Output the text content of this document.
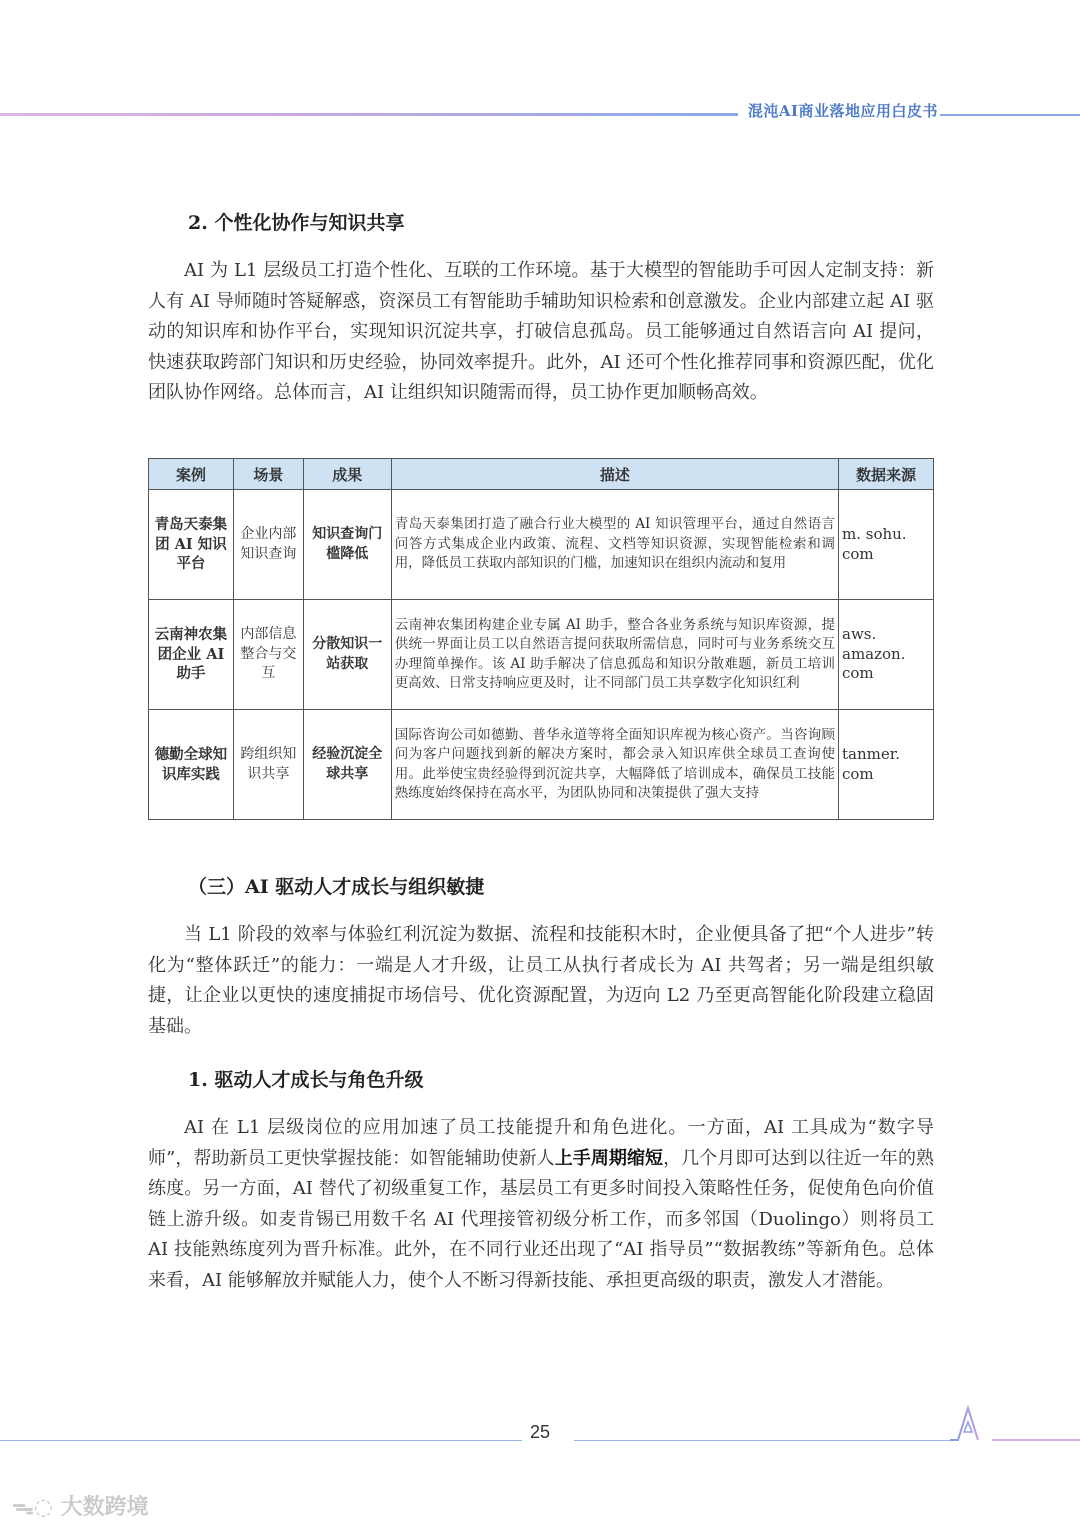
混沌AI商业落地应用白皮书
2. 个性化协作与知识共享

AI 为 L1 层级员工打造个性化、互联的工作环境。基于大模型的智能助手可因人定制支持：新人有 AI 导师随时答疑解惑，资深员工有智能助手辅助知识检索和创意激发。企业内部建立起 AI 驱动的知识库和协作平台，实现知识沉淀共享，打破信息孤岛。员工能够通过自然语言向 AI 提问，快速获取跨部门知识和历史经验，协同效率提升。此外，AI 还可个性化推荐同事和资源匹配，优化团队协作网络。总体而言，AI 让组织知识随需而得，员工协作更加顺畅高效。

案例	场景	成果	描述	数据来源
青岛天泰集团 AI 知识平台	企业内部知识查询	知识查询门槛降低	青岛天泰集团打造了融合行业大模型的 AI 知识管理平台，通过自然语言问答方式集成企业内政策、流程、文档等知识资源，实现智能检索和调用，降低员工获取内部知识的门槛，加速知识在组织内流动和复用	m. sohu. com
云南神农集团企业 AI 助手	内部信息整合与交互	分散知识一站获取	云南神农集团构建企业专属 AI 助手，整合各业务系统与知识库资源，提供统一界面让员工以自然语言提问获取所需信息，同时可与业务系统交互办理简单操作。该 AI 助手解决了信息孤岛和知识分散难题，新员工培训更高效、日常支持响应更及时，让不同部门员工共享数字化知识红利	aws. amazon. com
德勤全球知识库实践	跨组织知识共享	经验沉淀全球共享	国际咨询公司如德勤、普华永道等将全面知识库视为核心资产。当咨询顾问为客户问题找到新的解决方案时，都会录入知识库供全球员工查询使用。此举使宝贵经验得到沉淀共享，大幅降低了培训成本，确保员工技能熟练度始终保持在高水平，为团队协同和决策提供了强大支持	tanmer. com
（三）AI 驱动人才成长与组织敏捷

当 L1 阶段的效率与体验红利沉淀为数据、流程和技能积木时，企业便具备了把“个人进步”转化为“整体跃迁”的能力：一端是人才升级，让员工从执行者成长为 AI 共驾者；另一端是组织敏捷，让企业以更快的速度捕捉市场信号、优化资源配置，为迈向 L2 乃至更高智能化阶段建立稳固基础。

1. 驱动人才成长与角色升级

AI 在 L1 层级岗位的应用加速了员工技能提升和角色进化。一方面，AI 工具成为“数字导师”，帮助新员工更快掌握技能：如智能辅助使新人上手周期缩短，几个月即可达到以往近一年的熟练度。另一方面，AI 替代了初级重复工作，基层员工有更多时间投入策略性任务，促使角色向价值链上游升级。如麦肯锡已用数千名 AI 代理接管初级分析工作，而多邻国（Duolingo）则将员工 AI 技能熟练度列为晋升标准。此外，在不同行业还出现了“AI 指导员”“数据教练”等新角色。总体来看，AI 能够解放并赋能人力，使个人不断习得新技能、承担更高级的职责，激发人才潜能。

25
ᯓ◌ 大数跨境
